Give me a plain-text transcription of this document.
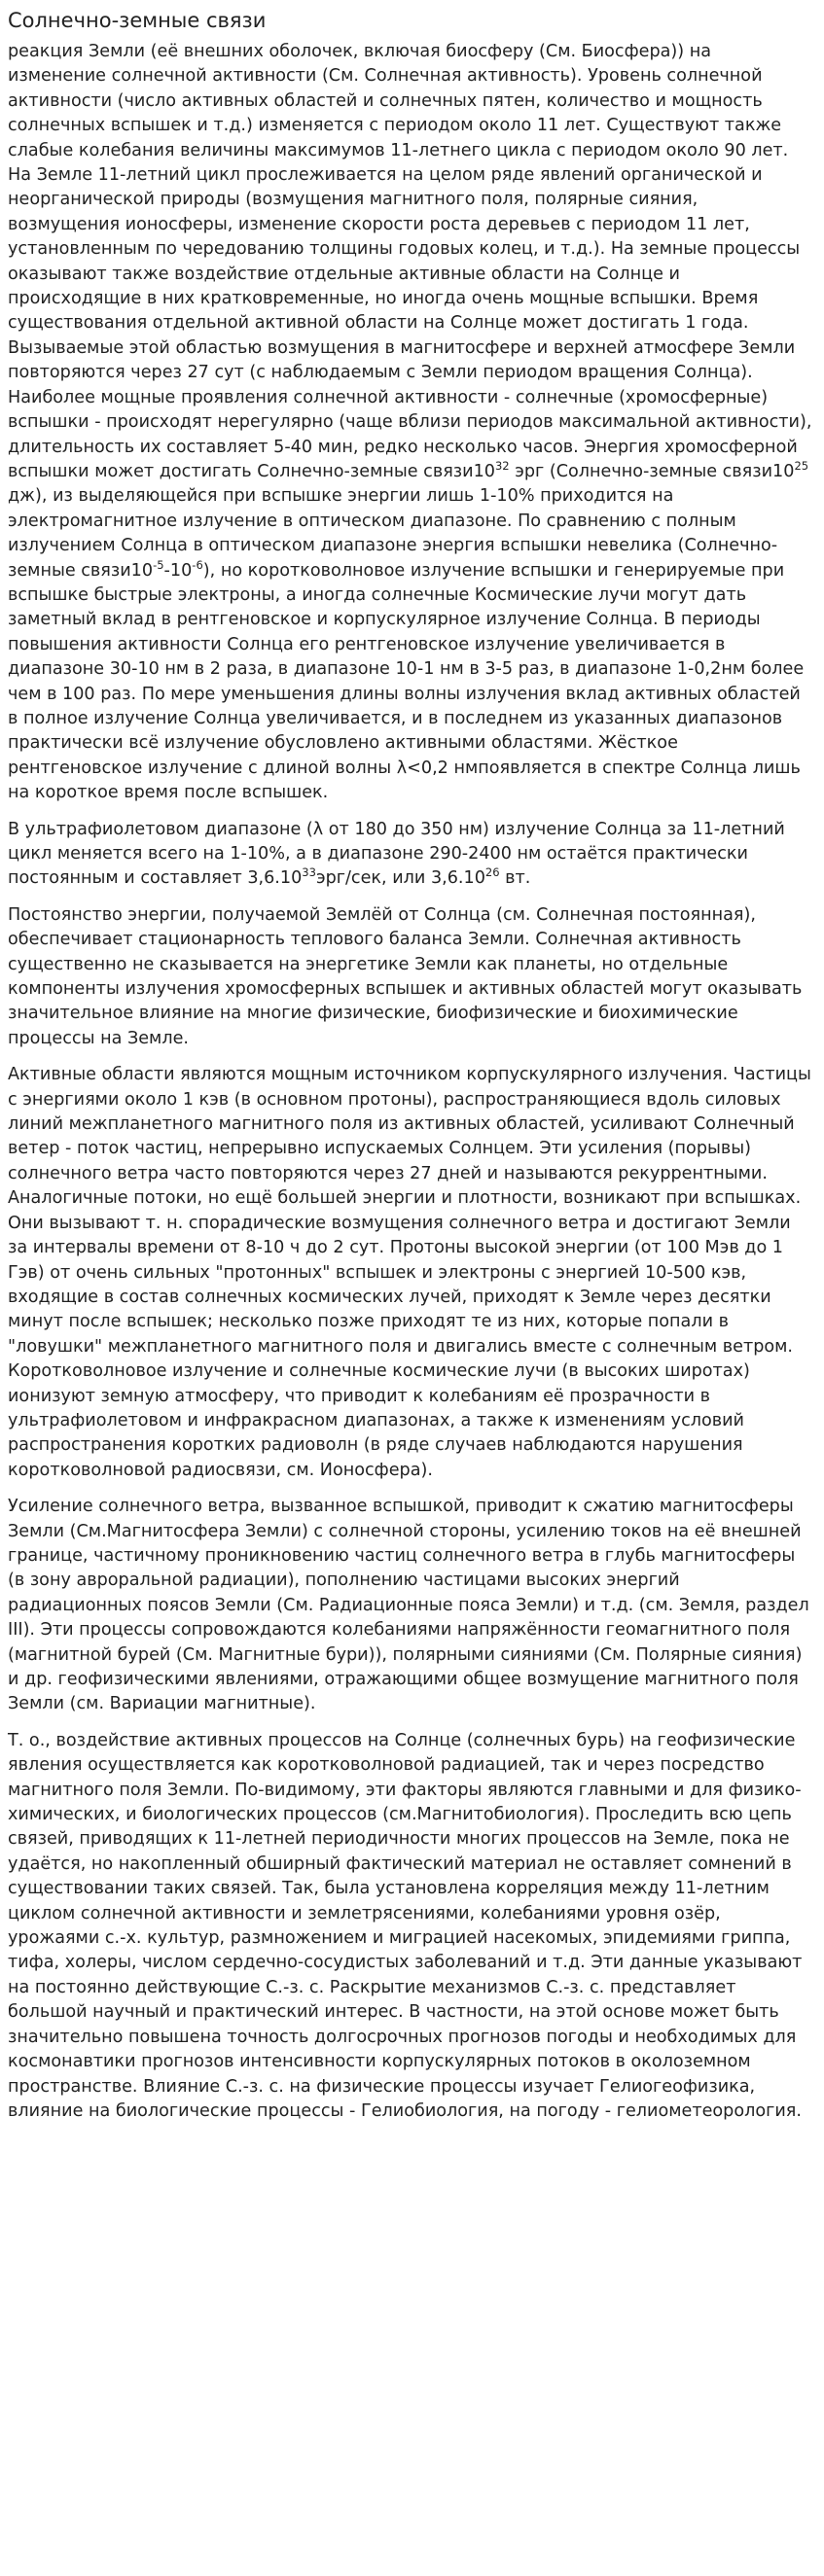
Солнечно-земные связи

реакция Земли (её внешних оболочек, включая биосферу (См. Биосфера)) на изменение солнечной активности (См. Солнечная активность). Уровень солнечной активности (число активных областей и солнечных пятен, количество и мощность солнечных вспышек и т.д.) изменяется с периодом около 11 лет. Существуют также слабые колебания величины максимумов 11-летнего цикла с периодом около 90 лет. На Земле 11-летний цикл прослеживается на целом ряде явлений органической и неорганической природы (возмущения магнитного поля, полярные сияния, возмущения ионосферы, изменение скорости роста деревьев с периодом 11 лет, установленным по чередованию толщины годовых колец, и т.д.). На земные процессы оказывают также воздействие отдельные активные области на Солнце и происходящие в них кратковременные, но иногда очень мощные вспышки. Время существования отдельной активной области на Солнце может достигать 1 года. Вызываемые этой областью возмущения в магнитосфере и верхней атмосфере Земли повторяются через 27 сут (с наблюдаемым с Земли периодом вращения Солнца). Наиболее мощные проявления солнечной активности - солнечные (хромосферные) вспышки - происходят нерегулярно (чаще вблизи периодов максимальной активности), длительность их составляет 5-40 мин, редко несколько часов. Энергия хромосферной вспышки может достигать Солнечно-земные $связи10^{32}$ эрг (Солнечно-земные $связи10^{25}$ дж), из выделяющейся при вспышке энергии лишь 1-10% приходится на электромагнитное излучение в оптическом диапазоне. По сравнению с полным излучением Солнца в оптическом диапазоне энергия вспышки невелика (Солнечно-земные $связи10^{-5}-10^{-6}$), но коротковолновое излучение вспышки и генерируемые при вспышке быстрые электроны, а иногда солнечные Космические лучи могут дать заметный вклад в рентгеновское и корпускулярное излучение Солнца. В периоды повышения активности Солнца его рентгеновское излучение увеличивается в диапазоне 30-10 нм в 2 раза, в диапазоне 10-1 нм в 3-5 раз, в диапазоне 1-0,2нм более чем в 100 раз. По мере уменьшения длины волны излучения вклад активных областей в полное излучение Солнца увеличивается, и в последнем из указанных диапазонов практически всё излучение обусловлено активными областями. Жёсткое рентгеновское излучение с длиной волны λ<0,2 нмпоявляется в спектре Солнца лишь на короткое время после вспышек.

В ультрафиолетовом диапазоне (λ от 180 до 350 нм) излучение Солнца за 11-летний цикл меняется всего на 1-10%, а в диапазоне 290-2400 нм остаётся практически постоянным и составляет 3,6.10$^{33}$эрг/сек, или 3,6.10$^{26}$ вт.

Постоянство энергии, получаемой Землёй от Солнца (см. Солнечная постоянная), обеспечивает стационарность теплового баланса Земли. Солнечная активность существенно не сказывается на энергетике Земли как планеты, но отдельные компоненты излучения хромосферных вспышек и активных областей могут оказывать значительное влияние на многие физические, биофизические и биохимические процессы на Земле.

Активные области являются мощным источником корпускулярного излучения. Частицы с энергиями около 1 кэв (в основном протоны), распространяющиеся вдоль силовых линий межпланетного магнитного поля из активных областей, усиливают Солнечный ветер - поток частиц, непрерывно испускаемых Солнцем. Эти усиления (порывы) солнечного ветра часто повторяются через 27 дней и называются рекуррентными. Аналогичные потоки, но ещё большей энергии и плотности, возникают при вспышках. Они вызывают т. н. спорадические возмущения солнечного ветра и достигают Земли за интервалы времени от 8-10 ч до 2 сут. Протоны высокой энергии (от 100 Мэв до 1 Гэв) от очень сильных "протонных" вспышек и электроны с энергией 10-500 кэв, входящие в состав солнечных космических лучей, приходят к Земле через десятки минут после вспышек; несколько позже приходят те из них, которые попали в "ловушки" межпланетного магнитного поля и двигались вместе с солнечным ветром. Коротковолновое излучение и солнечные космические лучи (в высоких широтах) ионизуют земную атмосферу, что приводит к колебаниям её прозрачности в ультрафиолетовом и инфракрасном диапазонах, а также к изменениям условий распространения коротких радиоволн (в ряде случаев наблюдаются нарушения коротковолновой радиосвязи, см. Ионосфера).

Усиление солнечного ветра, вызванное вспышкой, приводит к сжатию магнитосферы Земли (См.Магнитосфера Земли) с солнечной стороны, усилению токов на её внешней границе, частичному проникновению частиц солнечного ветра в глубь магнитосферы (в зону авроральной радиации), пополнению частицами высоких энергий радиационных поясов Земли (См. Радиационные пояса Земли) и т.д. (см. Земля, раздел III). Эти процессы сопровождаются колебаниями напряжённости геомагнитного поля (магнитной бурей (См. Магнитные бури)), полярными сияниями (См. Полярные сияния) и др. геофизическими явлениями, отражающими общее возмущение магнитного поля Земли (см. Вариации магнитные).

Т. о., воздействие активных процессов на Солнце (солнечных бурь) на геофизические явления осуществляется как коротковолновой радиацией, так и через посредство магнитного поля Земли. По-видимому, эти факторы являются главными и для физико-химических, и биологических процессов (см.Магнитобиология). Проследить всю цепь связей, приводящих к 11-летней периодичности многих процессов на Земле, пока не удаётся, но накопленный обширный фактический материал не оставляет сомнений в существовании таких связей. Так, была установлена корреляция между 11-летним циклом солнечной активности и землетрясениями, колебаниями уровня озёр, урожаями с.-х. культур, размножением и миграцией насекомых, эпидемиями гриппа, тифа, холеры, числом сердечно-сосудистых заболеваний и т.д. Эти данные указывают на постоянно действующие С.-з. с. Раскрытие механизмов С.-з. с. представляет большой научный и практический интерес. В частности, на этой основе может быть значительно повышена точность долгосрочных прогнозов погоды и необходимых для космонавтики прогнозов интенсивности корпускулярных потоков в околоземном пространстве. Влияние С.-з. с. на физические процессы изучает Гелиогеофизика, влияние на биологические процессы - Гелиобиология, на погоду - гелиометеорология.
